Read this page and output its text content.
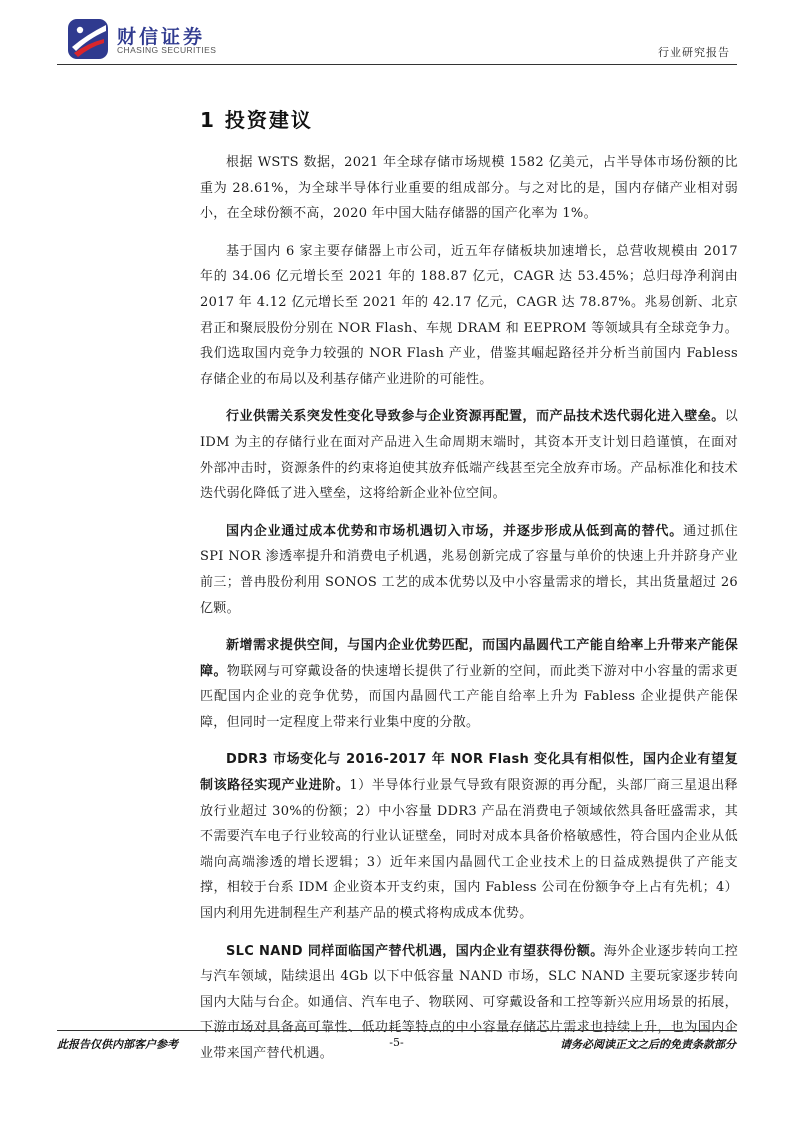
财信证券
CHASING SECURITIES	行业研究报告
1 投资建议

根据 WSTS 数据，2021 年全球存储市场规模 1582 亿美元，占半导体市场份额的比重为 28.61%，为全球半导体行业重要的组成部分。与之对比的是，国内存储产业相对弱小，在全球份额不高，2020 年中国大陆存储器的国产化率为 1%。

基于国内 6 家主要存储器上市公司，近五年存储板块加速增长，总营收规模由 2017 年的 34.06 亿元增长至 2021 年的 188.87 亿元，CAGR 达 53.45%；总归母净利润由 2017 年 4.12 亿元增长至 2021 年的 42.17 亿元，CAGR 达 78.87%。兆易创新、北京君正和聚辰股份分别在 NOR Flash、车规 DRAM 和 EEPROM 等领域具有全球竞争力。我们选取国内竞争力较强的 NOR Flash 产业，借鉴其崛起路径并分析当前国内 Fabless 存储企业的布局以及利基存储产业进阶的可能性。

行业供需关系突发性变化导致参与企业资源再配置，而产品技术迭代弱化进入壁垒。以 IDM 为主的存储行业在面对产品进入生命周期末端时，其资本开支计划日趋谨慎，在面对外部冲击时，资源条件的约束将迫使其放弃低端产线甚至完全放弃市场。产品标准化和技术迭代弱化降低了进入壁垒，这将给新企业补位空间。

国内企业通过成本优势和市场机遇切入市场，并逐步形成从低到高的替代。通过抓住 SPI NOR 渗透率提升和消费电子机遇，兆易创新完成了容量与单价的快速上升并跻身产业前三；普冉股份利用 SONOS 工艺的成本优势以及中小容量需求的增长，其出货量超过 26 亿颗。

新增需求提供空间，与国内企业优势匹配，而国内晶圆代工产能自给率上升带来产能保障。物联网与可穿戴设备的快速增长提供了行业新的空间，而此类下游对中小容量的需求更匹配国内企业的竞争优势，而国内晶圆代工产能自给率上升为 Fabless 企业提供产能保障，但同时一定程度上带来行业集中度的分散。

DDR3 市场变化与 2016-2017 年 NOR Flash 变化具有相似性，国内企业有望复制该路径实现产业进阶。1）半导体行业景气导致有限资源的再分配，头部厂商三星退出释放行业超过 30%的份额；2）中小容量 DDR3 产品在消费电子领域依然具备旺盛需求，其不需要汽车电子行业较高的行业认证壁垒，同时对成本具备价格敏感性，符合国内企业从低端向高端渗透的增长逻辑；3）近年来国内晶圆代工企业技术上的日益成熟提供了产能支撑，相较于台系 IDM 企业资本开支约束，国内 Fabless 公司在份额争夺上占有先机；4）国内利用先进制程生产利基产品的模式将构成成本优势。

SLC NAND 同样面临国产替代机遇，国内企业有望获得份额。海外企业逐步转向工控与汽车领域，陆续退出 4Gb 以下中低容量 NAND 市场，SLC NAND 主要玩家逐步转向国内大陆与台企。如通信、汽车电子、物联网、可穿戴设备和工控等新兴应用场景的拓展，下游市场对具备高可靠性、低功耗等特点的中小容量存储芯片需求也持续上升，也为国内企业带来国产替代机遇。

此报告仅供内部客户参考	-5-	请务必阅读正文之后的免责条款部分
